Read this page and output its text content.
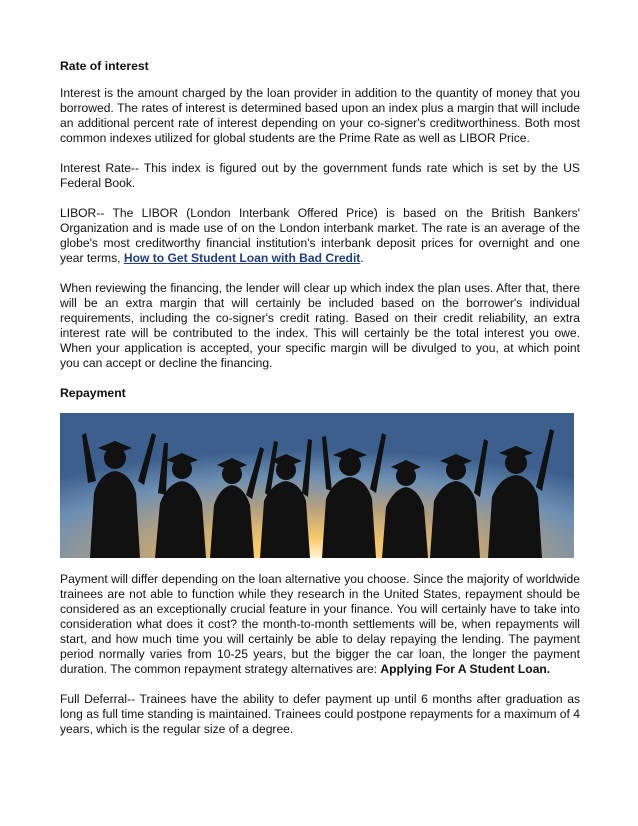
Rate of interest

Interest is the amount charged by the loan provider in addition to the quantity of money that you borrowed. The rates of interest is determined based upon an index plus a margin that will include an additional percent rate of interest depending on your co-signer's creditworthiness. Both most common indexes utilized for global students are the Prime Rate as well as LIBOR Price.

Interest Rate-- This index is figured out by the government funds rate which is set by the US Federal Book.

LIBOR-- The LIBOR (London Interbank Offered Price) is based on the British Bankers' Organization and is made use of on the London interbank market. The rate is an average of the globe's most creditworthy financial institution's interbank deposit prices for overnight and one year terms, How to Get Student Loan with Bad Credit.

When reviewing the financing, the lender will clear up which index the plan uses. After that, there will be an extra margin that will certainly be included based on the borrower's individual requirements, including the co-signer's credit rating. Based on their credit reliability, an extra interest rate will be contributed to the index. This will certainly be the total interest you owe. When your application is accepted, your specific margin will be divulged to you, at which point you can accept or decline the financing.

Repayment

Payment will differ depending on the loan alternative you choose. Since the majority of worldwide trainees are not able to function while they research in the United States, repayment should be considered as an exceptionally crucial feature in your finance. You will certainly have to take into consideration what does it cost? the month-to-month settlements will be, when repayments will start, and how much time you will certainly be able to delay repaying the lending. The payment period normally varies from 10-25 years, but the bigger the car loan, the longer the payment duration. The common repayment strategy alternatives are: Applying For A Student Loan.

Full Deferral-- Trainees have the ability to defer payment up until 6 months after graduation as long as full time standing is maintained. Trainees could postpone repayments for a maximum of 4 years, which is the regular size of a degree.
